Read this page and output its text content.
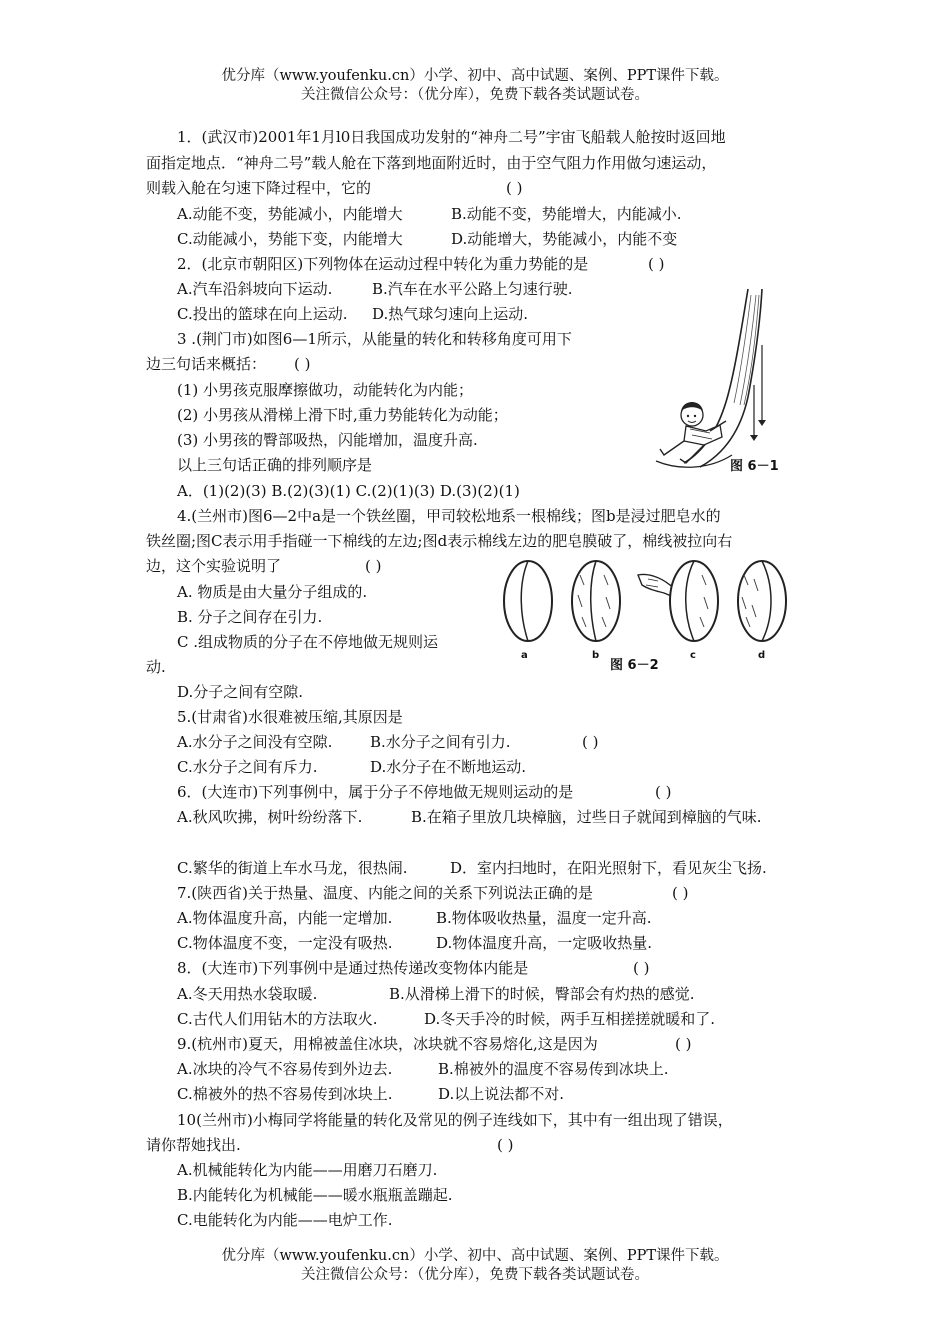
优分库（www.youfenku.cn）小学、初中、高中试题、案例、PPT课件下载。
关注微信公众号：（优分库），免费下载各类试题试卷。
1．(武汉市)2001年1月l0日我国成功发射的“神舟二号”宇宙飞船载人舱按时返回地
面指定地点．“神舟二号”载人舱在下落到地面附近时，由于空气阻力作用做匀速运动，
则载入舱在匀速下降过程中，它的	( )
A.动能不变，势能减小，内能增大	B.动能不变，势能增大，内能减小.
C.动能减小，势能下变，内能增大	D.动能增大，势能减小，内能不变
2．(北京市朝阳区)下列物体在运动过程中转化为重力势能的是	( )
A.汽车沿斜坡向下运动.	B.汽车在水平公路上匀速行驶.
C.投出的篮球在向上运动. D.热气球匀速向上运动.
3 .(荆门市)如图6—1所示，从能量的转化和转移角度可用下
边三句话来概括： ( )
(1) 小男孩克服摩擦做功，动能转化为内能；
(2) 小男孩从滑梯上滑下时,重力势能转化为动能；
(3) 小男孩的臀部吸热，闪能增加，温度升高.
以上三句话正确的排列顺序是
A．(1)(2)(3) B.(2)(3)(1) C.(2)(1)(3) D.(3)(2)(1)
图 6－1
4.(兰州市)图6—2中a是一个铁丝圈，甲司较松地系一根棉线；图b是浸过肥皂水的
铁丝圈;图C表示用手指碰一下棉线的左边;图d表示棉线左边的肥皂膜破了，棉线被拉向右
边，这个实验说明了	( )
A. 物质是由大量分子组成的.
B. 分子之间存在引力.
C .组成物质的分子在不停地做无规则运
动.
D.分子之间有空隙.
a	b
图 6－2
c	d
5.(甘肃省)水很难被压缩,其原因是
A.水分子之间没有空隙.	B.水分子之间有引力.	( )
C.水分子之间有斥力.	D.水分子在不断地运动.
6．(大连市)下列事例中，属于分子不停地做无规则运动的是	( )
A.秋风吹拂，树叶纷纷落下.	B.在箱子里放几块樟脑，过些日子就闻到樟脑的气味.
C.繁华的街道上车水马龙，很热闹.	D．室内扫地时，在阳光照射下，看见灰尘飞扬.
7.(陕西省)关于热量、温度、内能之间的关系下列说法正确的是	( )
A.物体温度升高，内能一定增加.	B.物体吸收热量，温度一定升高.
C.物体温度不变，一定没有吸热.	D.物体温度升高，一定吸收热量.
8．(大连市)下列事例中是通过热传递改变物体内能是	( )
A.冬天用热水袋取暖.	B.从滑梯上滑下的时候，臀部会有灼热的感觉.
C.古代人们用钻木的方法取火.	D.冬天手冷的时候，两手互相搓搓就暖和了.
9.(杭州市)夏天，用棉被盖住冰块，冰块就不容易熔化,这是因为	( )
A.冰块的冷气不容易传到外边去.	B.棉被外的温度不容易传到冰块上.
C.棉被外的热不容易传到冰块上.	D.以上说法都不对.
10(兰州市)小梅同学将能量的转化及常见的例子连线如下，其中有一组出现了错误，
请你帮她找出.	( )
A.机械能转化为内能——用磨刀石磨刀.
B.内能转化为机械能——暖水瓶瓶盖蹦起.
C.电能转化为内能——电炉工作.
优分库（www.youfenku.cn）小学、初中、高中试题、案例、PPT课件下载。
关注微信公众号：（优分库），免费下载各类试题试卷。
